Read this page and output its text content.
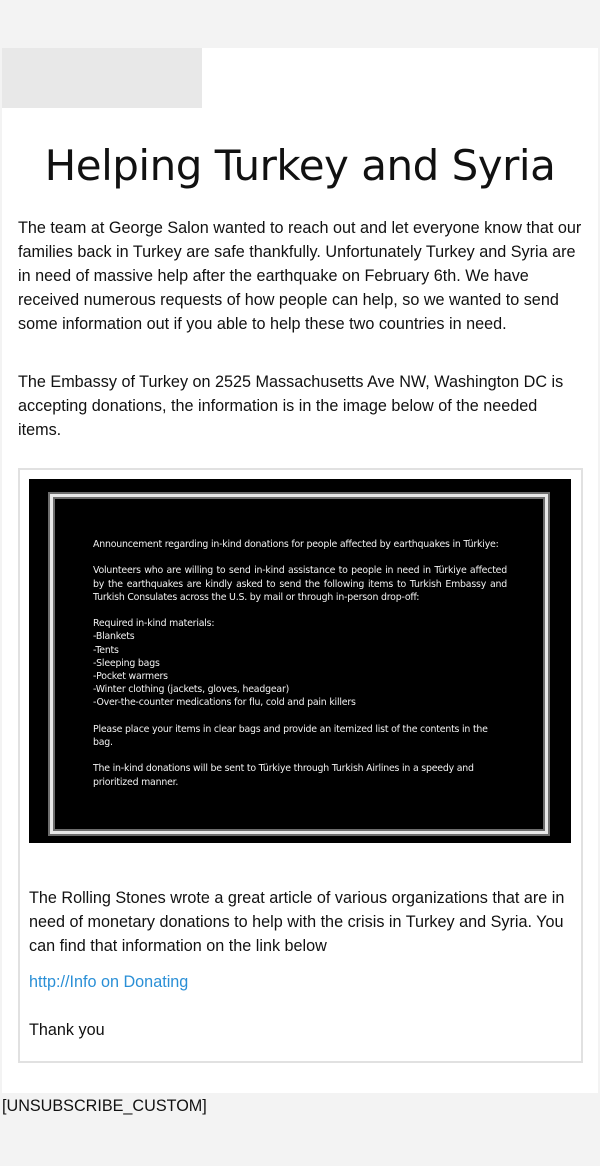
Helping Turkey and Syria

The team at George Salon wanted to reach out and let everyone know that our families back in Turkey are safe thankfully. Unfortunately Turkey and Syria are in need of massive help after the earthquake on February 6th. We have received numerous requests of how people can help, so we wanted to send some information out if you able to help these two countries in need.

The Embassy of Turkey on 2525 Massachusetts Ave NW, Washington DC is accepting donations, the information is in the image below of the needed items.

Announcement regarding in-kind donations for people affected by earthquakes in Türkiye:

Volunteers who are willing to send in-kind assistance to people in need in Türkiye affected by the earthquakes are kindly asked to send the following items to Turkish Embassy and Turkish Consulates across the U.S. by mail or through in-person drop-off:

Required in-kind materials:

-Blankets

-Tents

-Sleeping bags

-Pocket warmers

-Winter clothing (jackets, gloves, headgear)

-Over-the-counter medications for flu, cold and pain killers

Please place your items in clear bags and provide an itemized list of the contents in the bag.

The in-kind donations will be sent to Türkiye through Turkish Airlines in a speedy and prioritized manner.

The Rolling Stones wrote a great article of various organizations that are in need of monetary donations to help with the crisis in Turkey and Syria. You can find that information on the link below

http://Info on Donating

Thank you

[UNSUBSCRIBE_CUSTOM]
